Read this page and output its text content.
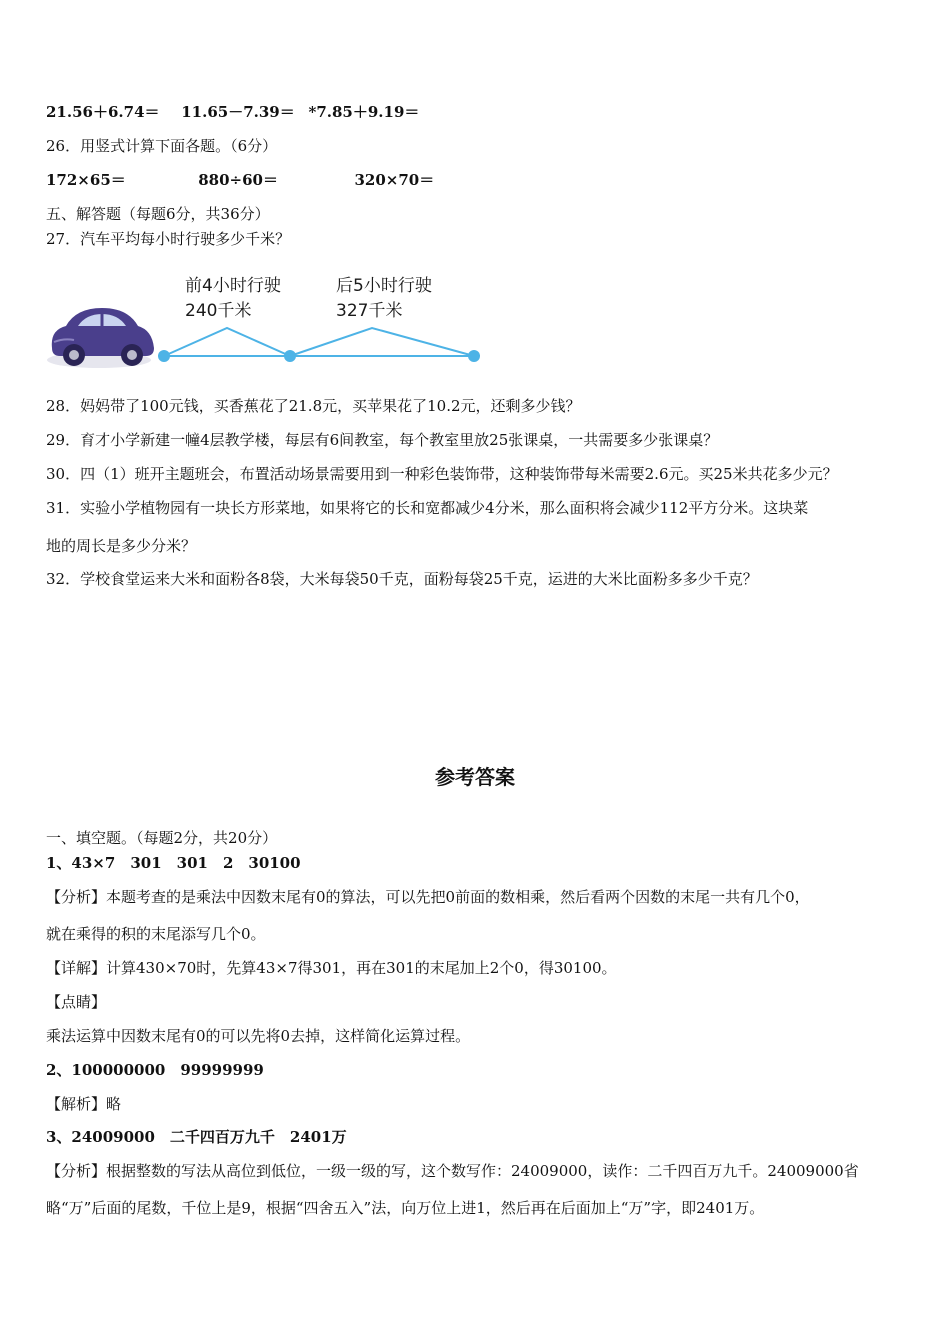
21.56＋6.74＝ 11.65－7.39＝ *7.85＋9.19＝
26．用竖式计算下面各题。（6分）
172×65＝	880÷60＝	320×70＝
五、解答题（每题6分，共36分）
27．汽车平均每小时行驶多少千米？
前4小时行驶
240千米
后5小时行驶
327千米
28．妈妈带了100元钱，买香蕉花了21.8元，买苹果花了10.2元，还剩多少钱？
29．育才小学新建一幢4层教学楼，每层有6间教室，每个教室里放25张课桌，一共需要多少张课桌？
30．四（1）班开主题班会，布置活动场景需要用到一种彩色装饰带，这种装饰带每米需要2.6元。买25米共花多少元？
31．实验小学植物园有一块长方形菜地，如果将它的长和宽都减少4分米，那么面积将会减少112平方分米。这块菜
地的周长是多少分米？
32．学校食堂运来大米和面粉各8袋，大米每袋50千克，面粉每袋25千克，运进的大米比面粉多多少千克？
参考答案
一、填空题。（每题2分，共20分）
1、43×7　301　301　2　30100
【分析】本题考查的是乘法中因数末尾有0的算法，可以先把0前面的数相乘，然后看两个因数的末尾一共有几个0，
就在乘得的积的末尾添写几个0。
【详解】计算430×70时，先算43×7得301，再在301的末尾加上2个0，得30100。
【点睛】
乘法运算中因数末尾有0的可以先将0去掉，这样简化运算过程。
2、100000000　99999999
【解析】略
3、24009000　二千四百万九千　2401万
【分析】根据整数的写法从高位到低位，一级一级的写，这个数写作：24009000，读作：二千四百万九千。24009000省
略“万”后面的尾数，千位上是9，根据“四舍五入”法，向万位上进1，然后再在后面加上“万”字，即2401万。
